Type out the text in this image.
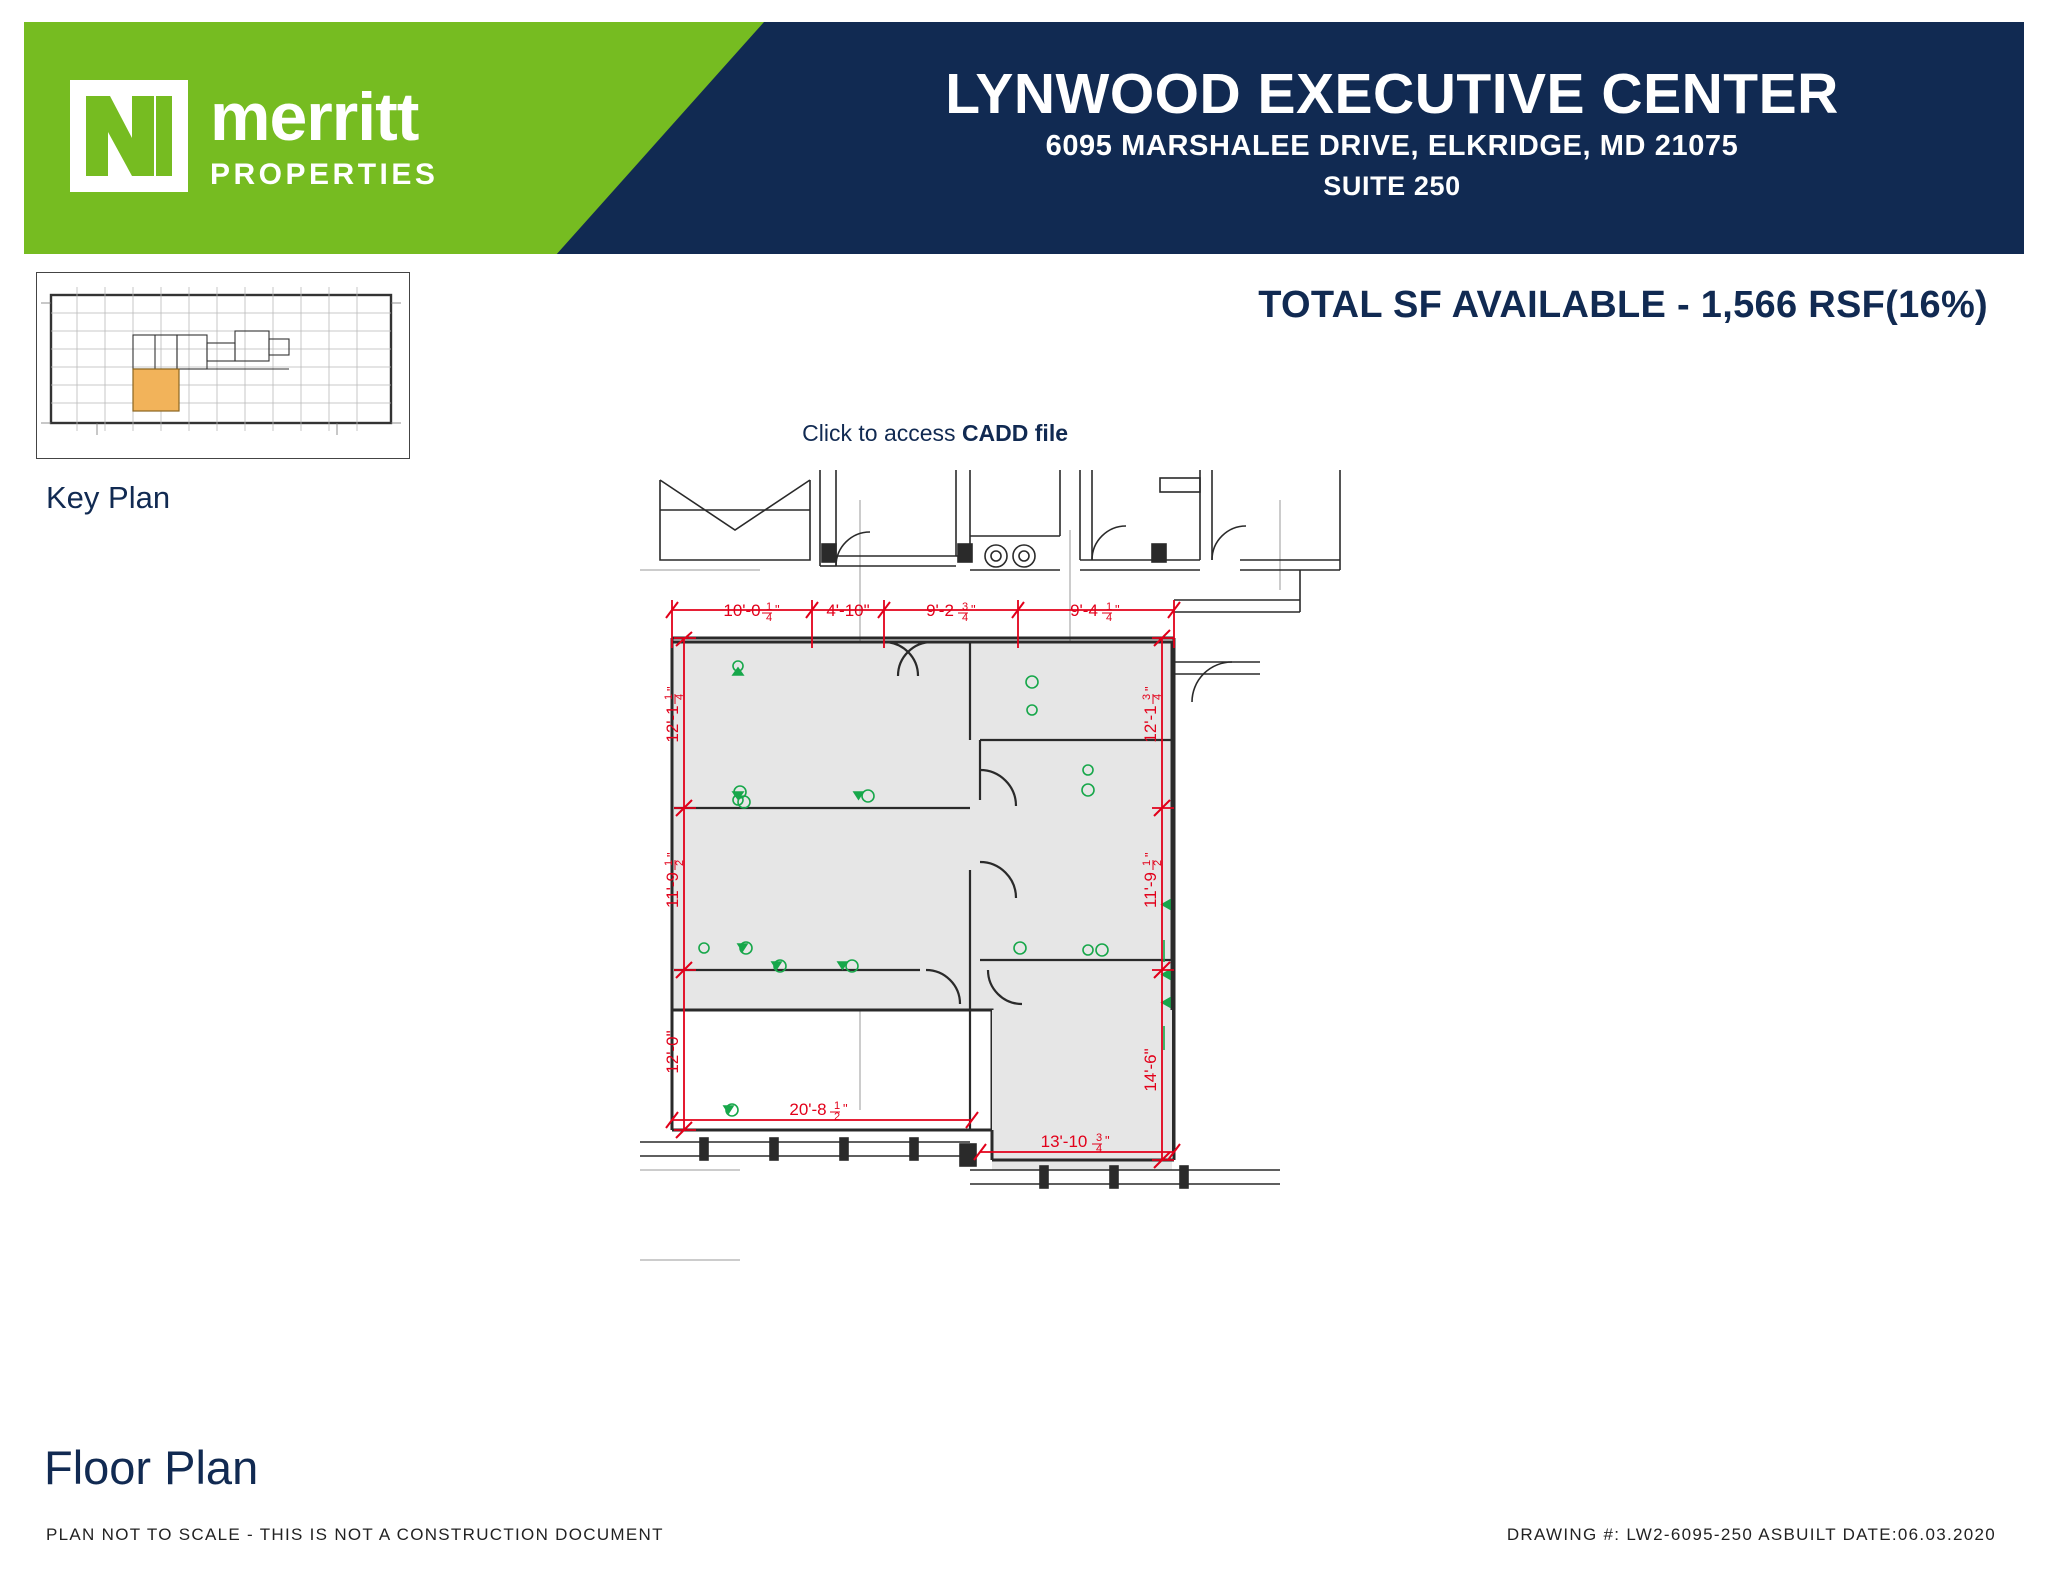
merritt
PROPERTIES
LYNWOOD EXECUTIVE CENTER
6095 MARSHALEE DRIVE, ELKRIDGE, MD 21075
SUITE 250
Key Plan
TOTAL SF AVAILABLE - 1,566 RSF(16%)
Click to access CADD file
10'-0 1
4
"	4'-10"	9'-2 3
4
"	9'-4 1
4
"
12'-1
1 4
"
11'-9
1 2
"
12'-0"
12'-1
3 4
"
11'-9
1 2
"
14'-6"
20'-8 1
2
"
13'-10 3
4
"
Floor Plan
PLAN NOT TO SCALE - THIS IS NOT A CONSTRUCTION DOCUMENT	DRAWING #: LW2-6095-250 ASBUILT DATE:06.03.2020
